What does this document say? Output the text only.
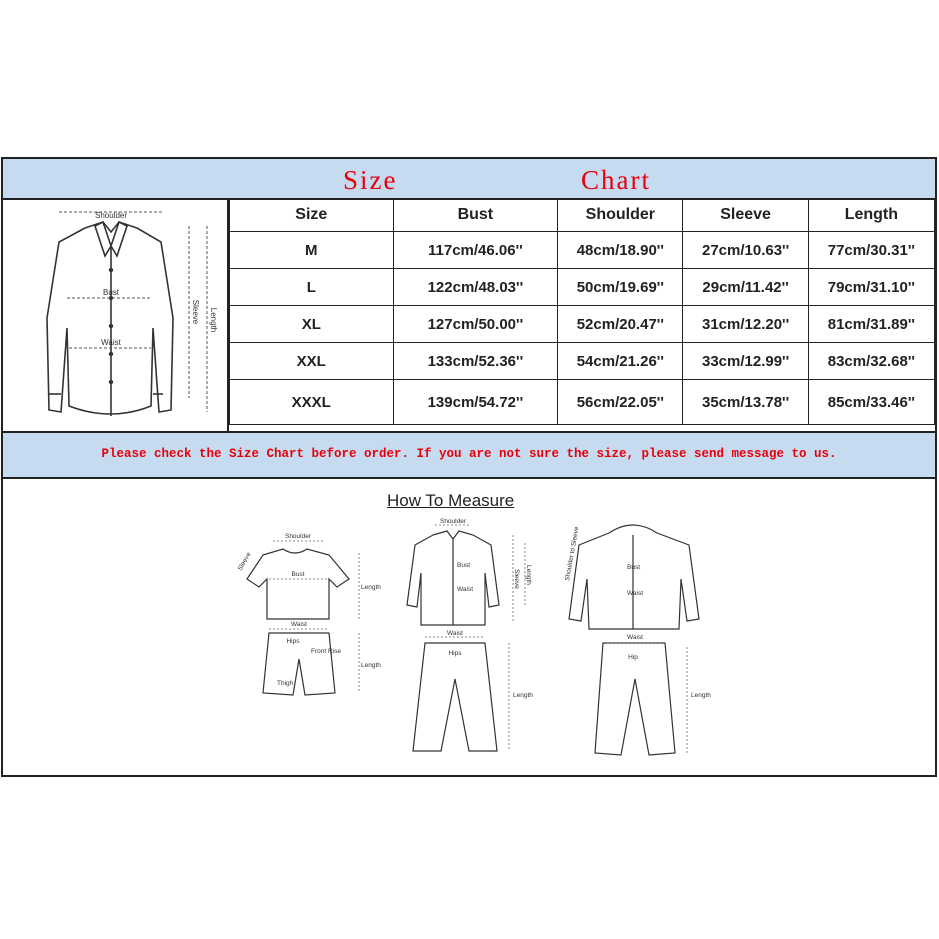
Size	Chart
Shoulder
Bust
Waist
Sleeve Length
Size	Bust	Shoulder	Sleeve	Length
M	117cm/46.06''	48cm/18.90''	27cm/10.63''	77cm/30.31''
L	122cm/48.03''	50cm/19.69''	29cm/11.42''	79cm/31.10''
XL	127cm/50.00''	52cm/20.47''	31cm/12.20''	81cm/31.89''
XXL	133cm/52.36''	54cm/21.26''	33cm/12.99''	83cm/32.68''
XXXL	139cm/54.72''	56cm/22.05''	35cm/13.78''	85cm/33.46''
Please check the Size Chart before order. If you are not sure the size, please send message to us.
How To Measure
Shoulder
Sleeve
Bust
Length
Waist
Hips
Front Rise
Length
Thigh
Shoulder
Bust
Waist
Sleeve Length
Waist
Hips
Length
Shoulder to Sleeve	Bust
Waist
Waist
Hip
Length
